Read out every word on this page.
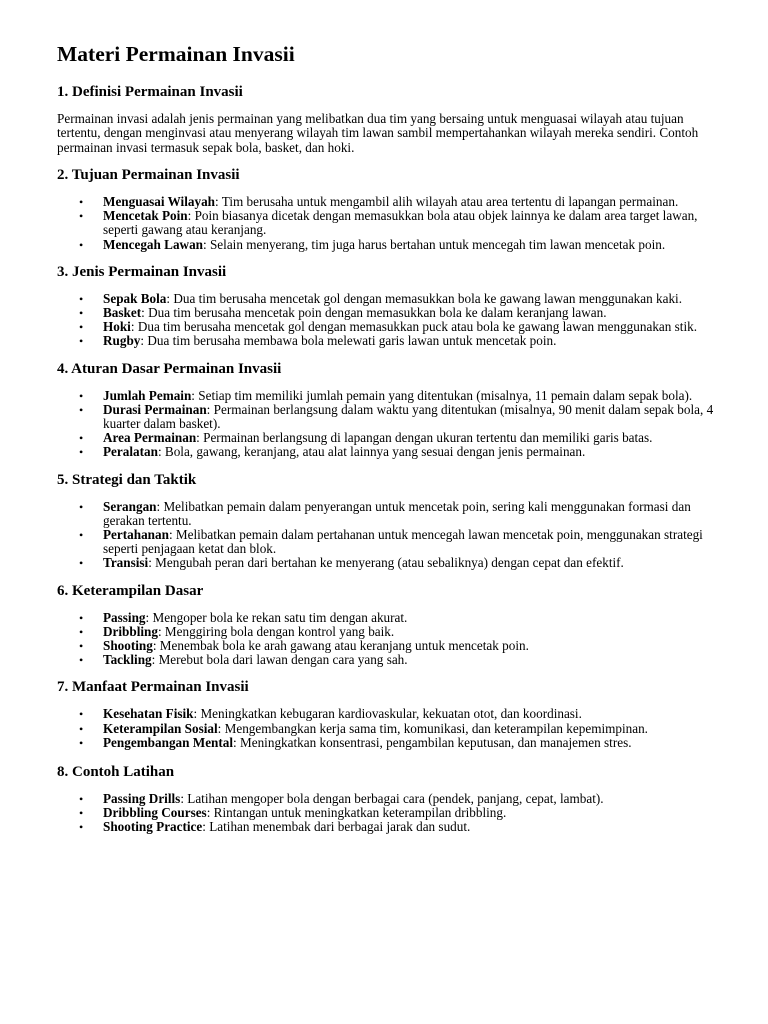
Materi Permainan Invasii
1. Definisi Permainan Invasii

Permainan invasi adalah jenis permainan yang melibatkan dua tim yang bersaing untuk menguasai wilayah atau tujuan tertentu, dengan menginvasi atau menyerang wilayah tim lawan sambil mempertahankan wilayah mereka sendiri. Contoh permainan invasi termasuk sepak bola, basket, dan hoki.

2. Tujuan Permainan Invasii
• Menguasai Wilayah: Tim berusaha untuk mengambil alih wilayah atau area tertentu di lapangan permainan.
• Mencetak Poin: Poin biasanya dicetak dengan memasukkan bola atau objek lainnya ke dalam area target lawan, seperti gawang atau keranjang.
• Mencegah Lawan: Selain menyerang, tim juga harus bertahan untuk mencegah tim lawan mencetak poin.
3. Jenis Permainan Invasii
• Sepak Bola: Dua tim berusaha mencetak gol dengan memasukkan bola ke gawang lawan menggunakan kaki.
• Basket: Dua tim berusaha mencetak poin dengan memasukkan bola ke dalam keranjang lawan.
• Hoki: Dua tim berusaha mencetak gol dengan memasukkan puck atau bola ke gawang lawan menggunakan stik.
• Rugby: Dua tim berusaha membawa bola melewati garis lawan untuk mencetak poin.
4. Aturan Dasar Permainan Invasii
• Jumlah Pemain: Setiap tim memiliki jumlah pemain yang ditentukan (misalnya, 11 pemain dalam sepak bola).
• Durasi Permainan: Permainan berlangsung dalam waktu yang ditentukan (misalnya, 90 menit dalam sepak bola, 4 kuarter dalam basket).
• Area Permainan: Permainan berlangsung di lapangan dengan ukuran tertentu dan memiliki garis batas.
• Peralatan: Bola, gawang, keranjang, atau alat lainnya yang sesuai dengan jenis permainan.
5. Strategi dan Taktik
• Serangan: Melibatkan pemain dalam penyerangan untuk mencetak poin, sering kali menggunakan formasi dan gerakan tertentu.
• Pertahanan: Melibatkan pemain dalam pertahanan untuk mencegah lawan mencetak poin, menggunakan strategi seperti penjagaan ketat dan blok.
• Transisi: Mengubah peran dari bertahan ke menyerang (atau sebaliknya) dengan cepat dan efektif.
6. Keterampilan Dasar
• Passing: Mengoper bola ke rekan satu tim dengan akurat.
• Dribbling: Menggiring bola dengan kontrol yang baik.
• Shooting: Menembak bola ke arah gawang atau keranjang untuk mencetak poin.
• Tackling: Merebut bola dari lawan dengan cara yang sah.
7. Manfaat Permainan Invasii
• Kesehatan Fisik: Meningkatkan kebugaran kardiovaskular, kekuatan otot, dan koordinasi.
• Keterampilan Sosial: Mengembangkan kerja sama tim, komunikasi, dan keterampilan kepemimpinan.
• Pengembangan Mental: Meningkatkan konsentrasi, pengambilan keputusan, dan manajemen stres.
8. Contoh Latihan
• Passing Drills: Latihan mengoper bola dengan berbagai cara (pendek, panjang, cepat, lambat).
• Dribbling Courses: Rintangan untuk meningkatkan keterampilan dribbling.
• Shooting Practice: Latihan menembak dari berbagai jarak dan sudut.
